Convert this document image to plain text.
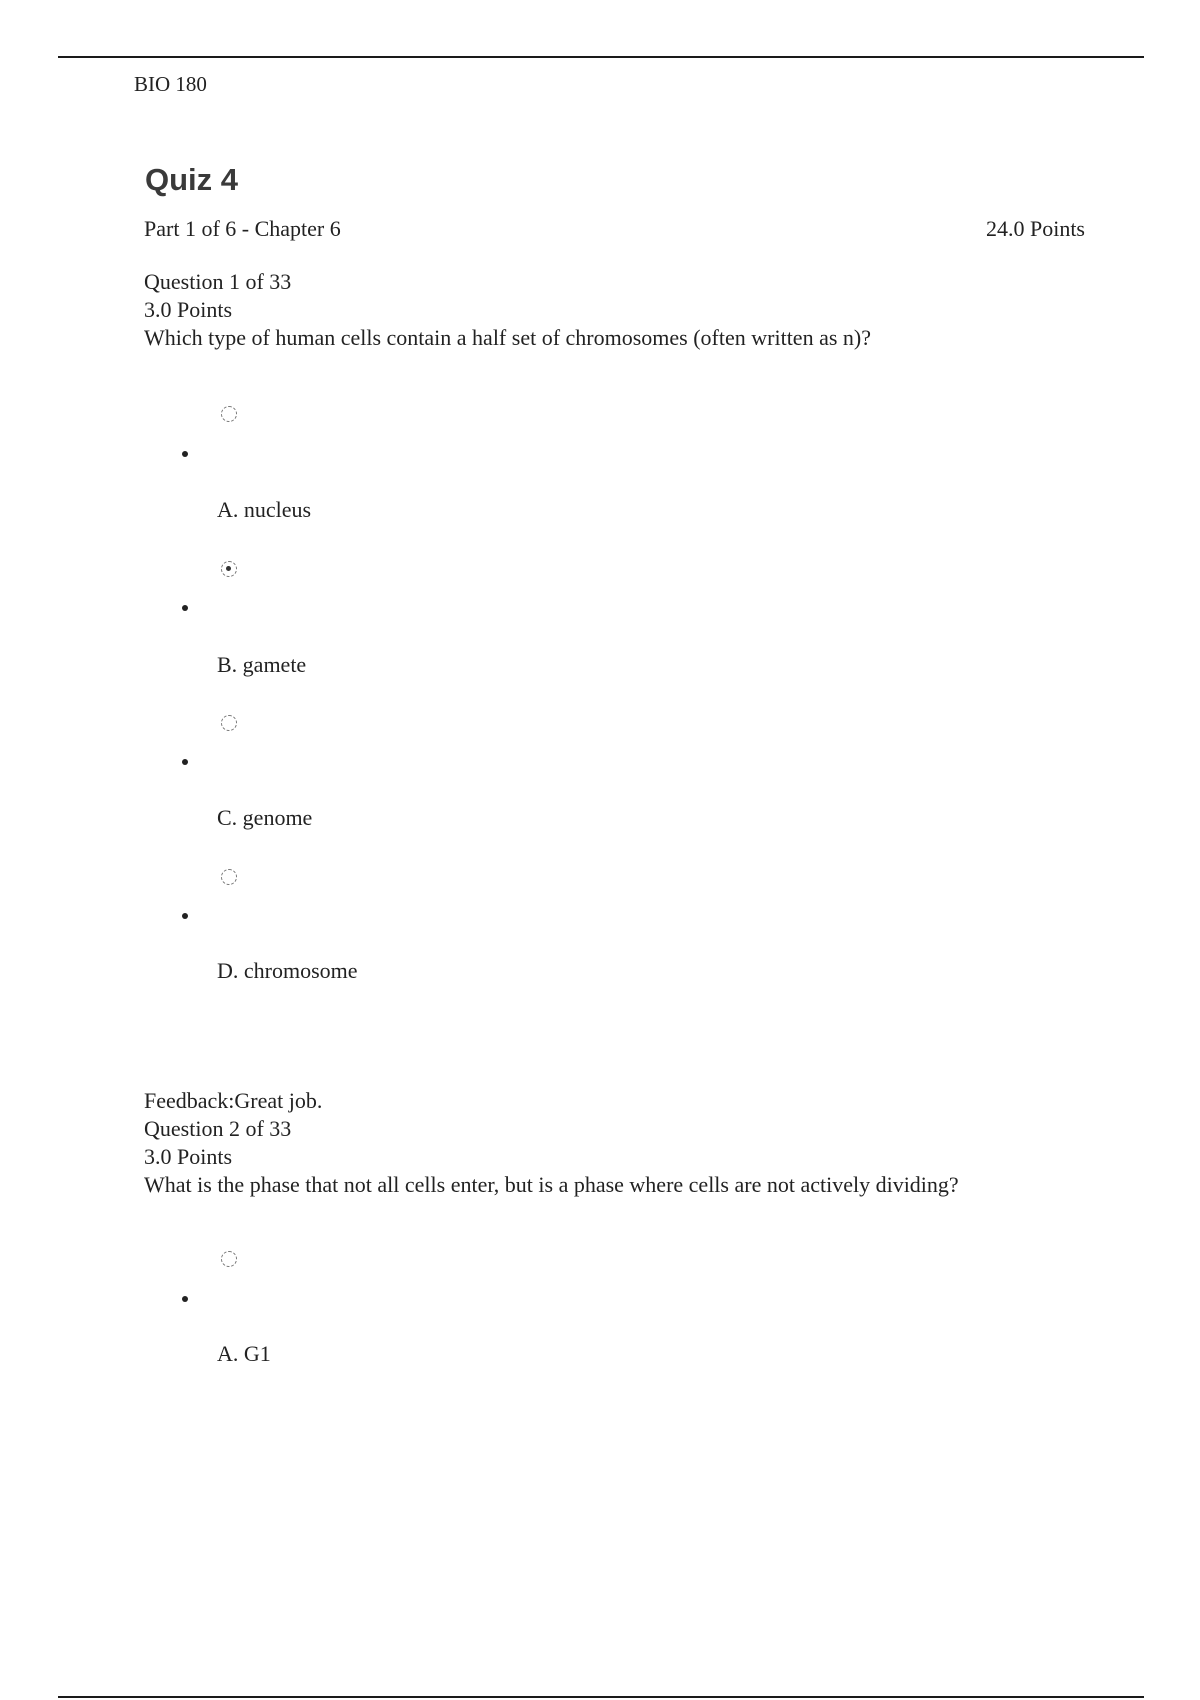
BIO 180
Quiz 4
Part 1 of 6 - Chapter 6	24.0 Points
Question 1 of 33
3.0 Points
Which type of human cells contain a half set of chromosomes (often written as n)?
A. nucleus
B. gamete
C. genome
D. chromosome
Feedback:Great job.
Question 2 of 33
3.0 Points
What is the phase that not all cells enter, but is a phase where cells are not actively dividing?
A. G1
